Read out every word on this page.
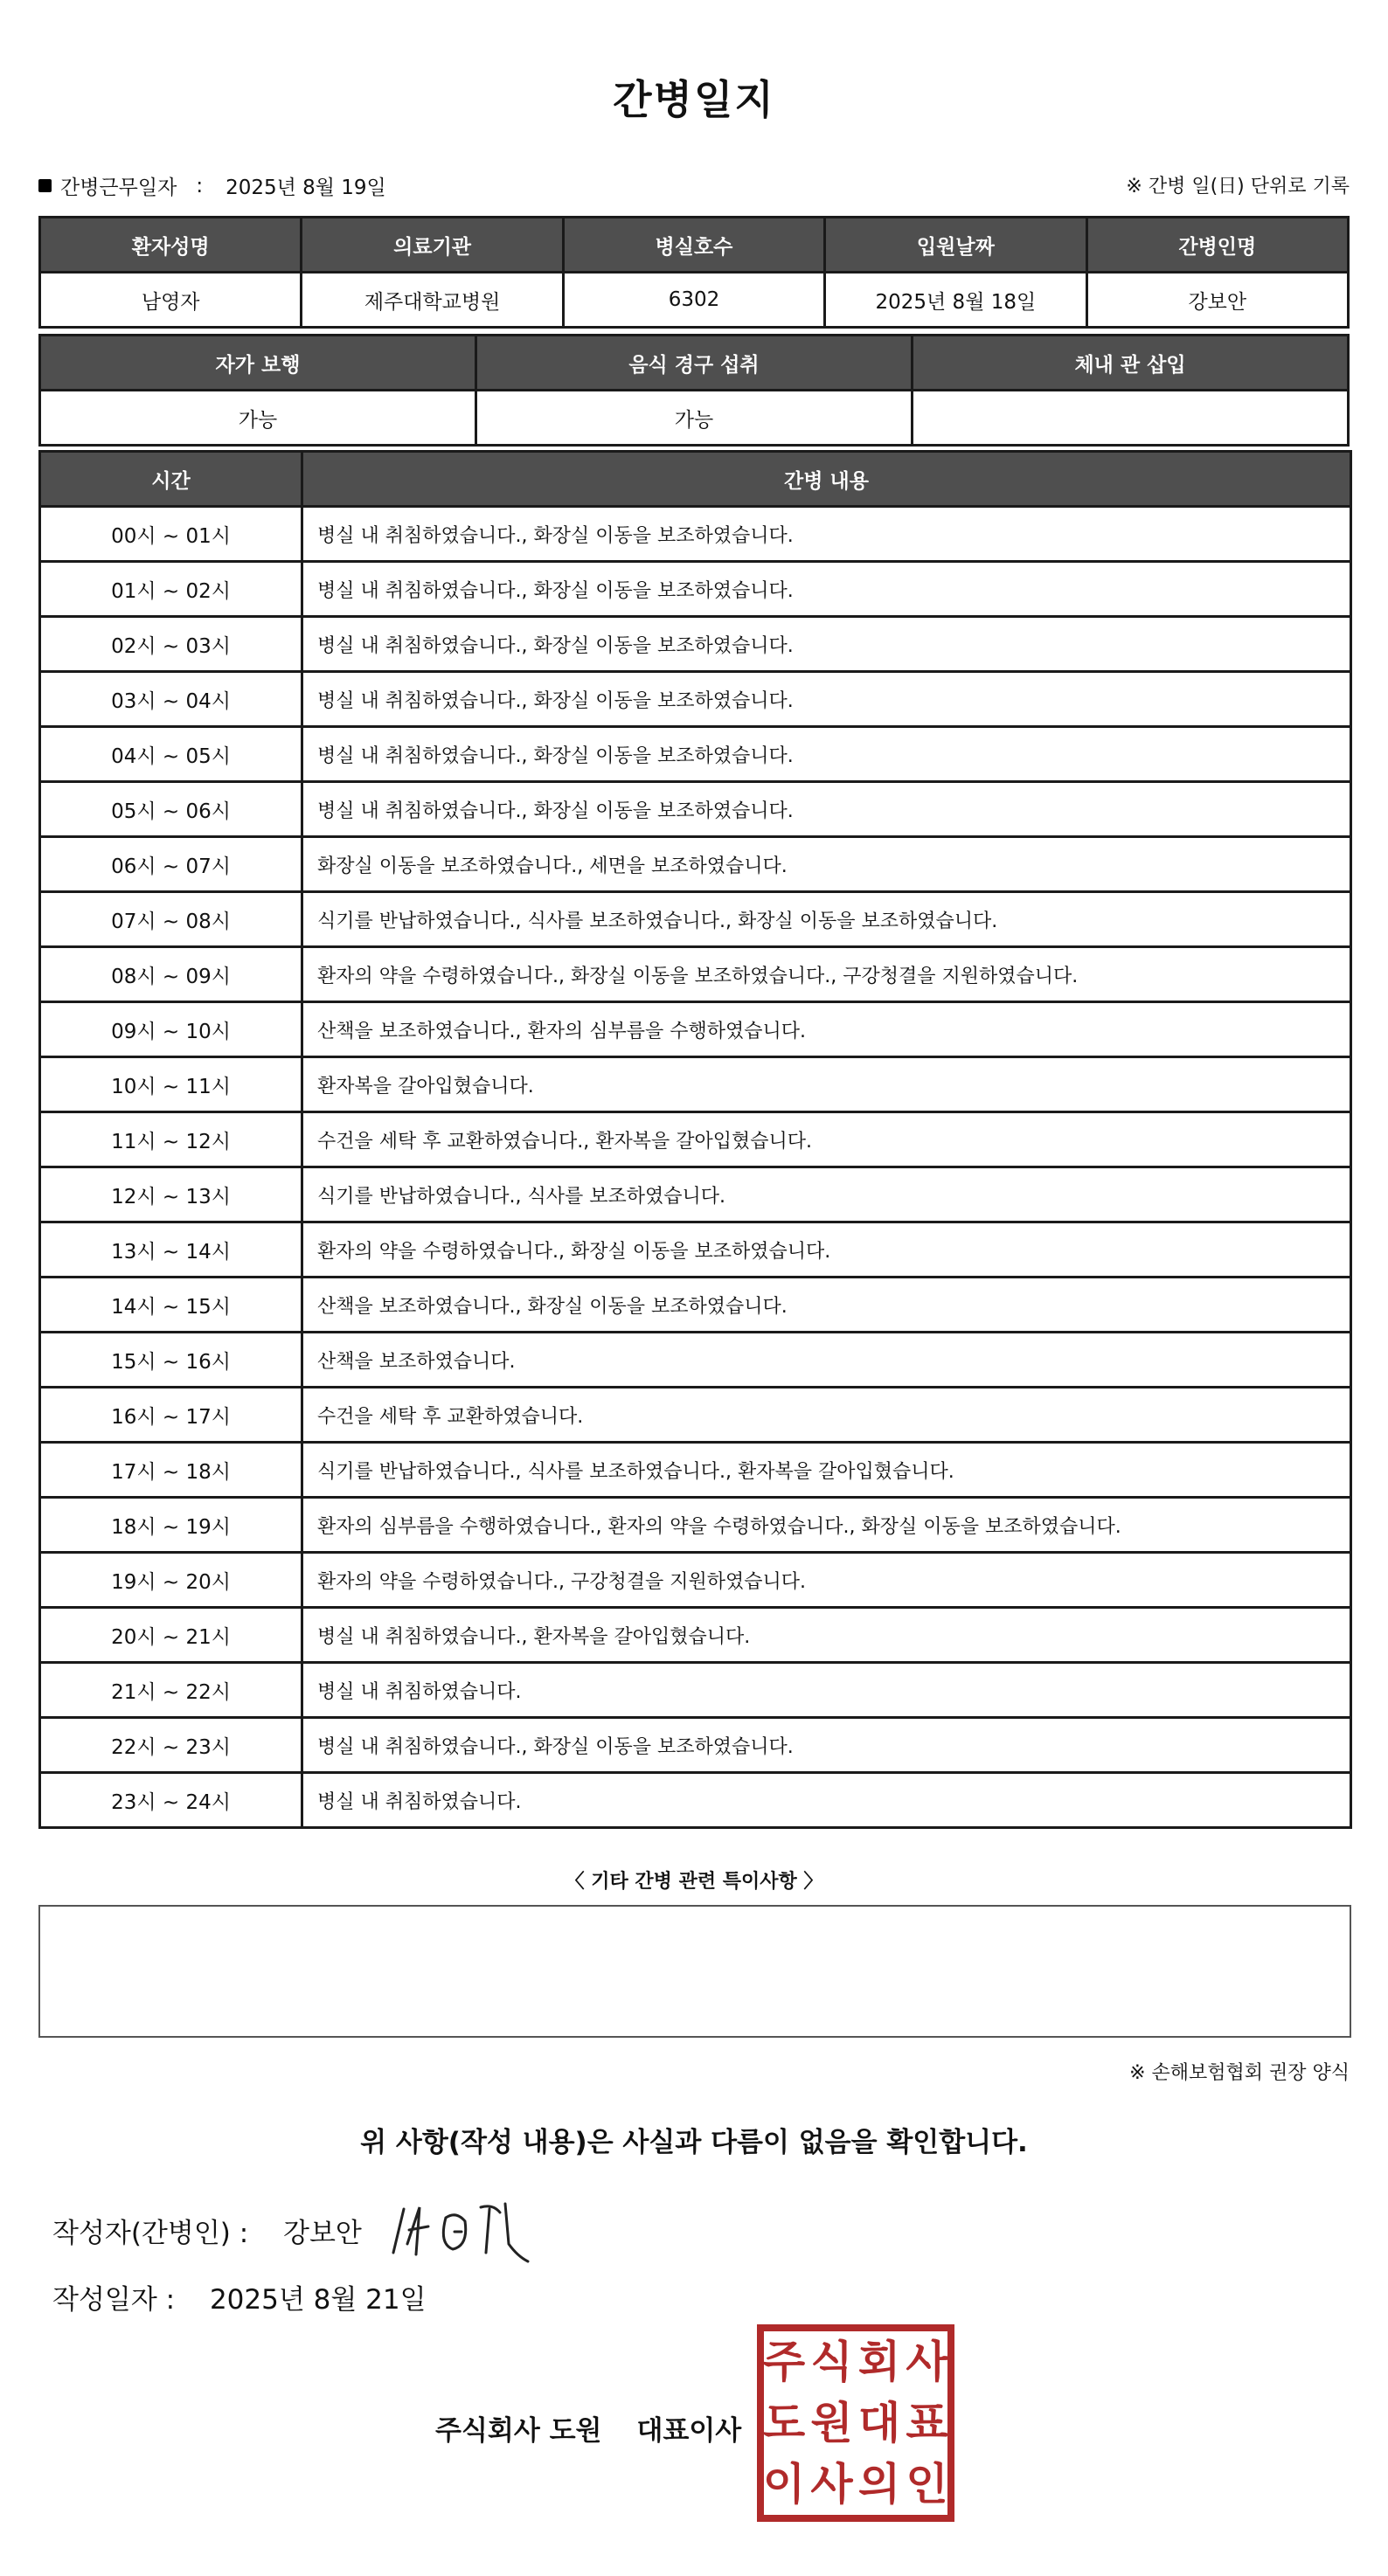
간병일지
간병근무일자 : 2025년 8월 19일	※ 간병 일(日) 단위로 기록
환자성명	의료기관	병실호수	입원날짜	간병인명
남영자	제주대학교병원	6302	2025년 8월 18일	강보안
자가 보행	음식 경구 섭취	체내 관 삽입
가능	가능	
시간	간병 내용
00시 ~ 01시	병실 내 취침하였습니다., 화장실 이동을 보조하였습니다.
01시 ~ 02시	병실 내 취침하였습니다., 화장실 이동을 보조하였습니다.
02시 ~ 03시	병실 내 취침하였습니다., 화장실 이동을 보조하였습니다.
03시 ~ 04시	병실 내 취침하였습니다., 화장실 이동을 보조하였습니다.
04시 ~ 05시	병실 내 취침하였습니다., 화장실 이동을 보조하였습니다.
05시 ~ 06시	병실 내 취침하였습니다., 화장실 이동을 보조하였습니다.
06시 ~ 07시	화장실 이동을 보조하였습니다., 세면을 보조하였습니다.
07시 ~ 08시	식기를 반납하였습니다., 식사를 보조하였습니다., 화장실 이동을 보조하였습니다.
08시 ~ 09시	환자의 약을 수령하였습니다., 화장실 이동을 보조하였습니다., 구강청결을 지원하였습니다.
09시 ~ 10시	산책을 보조하였습니다., 환자의 심부름을 수행하였습니다.
10시 ~ 11시	환자복을 갈아입혔습니다.
11시 ~ 12시	수건을 세탁 후 교환하였습니다., 환자복을 갈아입혔습니다.
12시 ~ 13시	식기를 반납하였습니다., 식사를 보조하였습니다.
13시 ~ 14시	환자의 약을 수령하였습니다., 화장실 이동을 보조하였습니다.
14시 ~ 15시	산책을 보조하였습니다., 화장실 이동을 보조하였습니다.
15시 ~ 16시	산책을 보조하였습니다.
16시 ~ 17시	수건을 세탁 후 교환하였습니다.
17시 ~ 18시	식기를 반납하였습니다., 식사를 보조하였습니다., 환자복을 갈아입혔습니다.
18시 ~ 19시	환자의 심부름을 수행하였습니다., 환자의 약을 수령하였습니다., 화장실 이동을 보조하였습니다.
19시 ~ 20시	환자의 약을 수령하였습니다., 구강청결을 지원하였습니다.
20시 ~ 21시	병실 내 취침하였습니다., 환자복을 갈아입혔습니다.
21시 ~ 22시	병실 내 취침하였습니다.
22시 ~ 23시	병실 내 취침하였습니다., 화장실 이동을 보조하였습니다.
23시 ~ 24시	병실 내 취침하였습니다.
〈 기타 간병 관련 특이사항 〉
※ 손해보험협회 권장 양식
위 사항(작성 내용)은 사실과 다름이 없음을 확인합니다.
작성자(간병인) : 강보안
작성일자 : 2025년 8월 21일
주식회사 도원 대표이사
주 식 회 사
도 원 대 표
이 사 의 인
